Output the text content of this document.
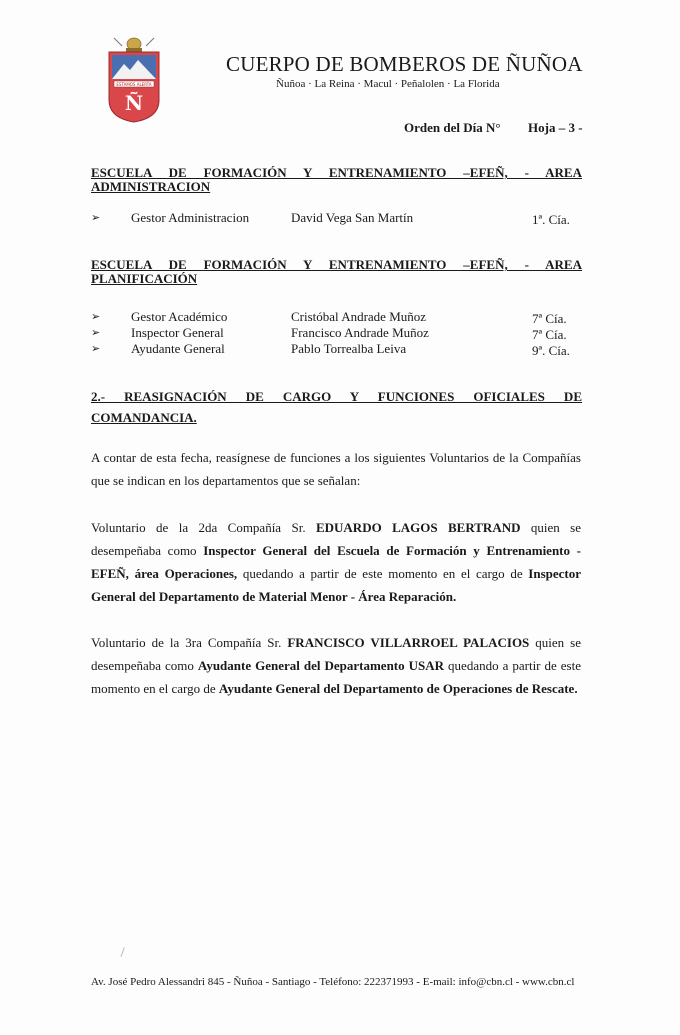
ESTAMOS ALERTA
Ñ
CUERPO DE BOMBEROS DE ÑUÑOA
Ñuñoa · La Reina · Macul · Peñalolen · La Florida
Orden del Día N° Hoja – 3 -
ESCUELA DE FORMACIÓN Y ENTRENAMIENTO –EFEÑ, - AREA
ADMINISTRACION
➢ Gestor Administracion	David Vega San Martín	1ª. Cía.
ESCUELA DE FORMACIÓN Y ENTRENAMIENTO –EFEÑ, - AREA
PLANIFICACIÓN
➢ Gestor Académico	Cristóbal Andrade Muñoz	7ª Cía.
➢ Inspector General	Francisco Andrade Muñoz	7ª Cía.
➢ Ayudante General	Pablo Torrealba Leiva	9ª. Cía.
2.- REASIGNACIÓN DE CARGO Y FUNCIONES OFICIALES DE
COMANDANCIA.

A contar de esta fecha, reasígnese de funciones a los siguientes Voluntarios de la Compañías que se indican en los departamentos que se señalan:

Voluntario de la 2da Compañía Sr. EDUARDO LAGOS BERTRAND quien se desempeñaba como Inspector General del Escuela de Formación y Entrenamiento - EFEÑ, área Operaciones, quedando a partir de este momento en el cargo de Inspector General del Departamento de Material Menor - Área Reparación.

Voluntario de la 3ra Compañía Sr. FRANCISCO VILLARROEL PALACIOS quien se desempeñaba como Ayudante General del Departamento USAR quedando a partir de este momento en el cargo de Ayudante General del Departamento de Operaciones de Rescate.

Av. José Pedro Alessandri 845 - Ñuñoa - Santiago - Teléfono: 222371993 - E-mail: info@cbn.cl - www.cbn.cl
